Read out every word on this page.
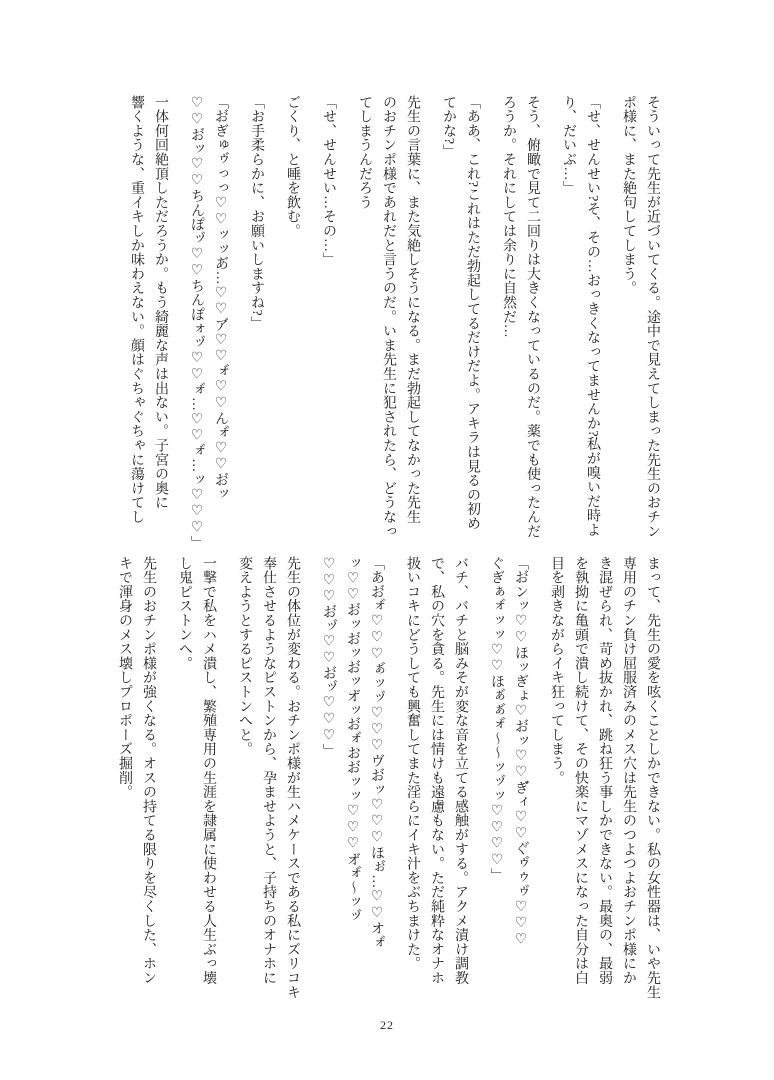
そういって先生が近づいてくる。途中で見えてしまった先生のおチン
ポ様に、また絶句してしまう。
「せ、せんせい?そ、その…おっきくなってませんか?私が嗅いだ時よ
り、だいぶ…」
そう、俯瞰で見て二回りは大きくなっているのだ。薬でも使ったんだ
ろうか。それにしては余りに自然だ…
「ああ、これ?これはただ勃起してるだけだよ。アキラは見るの初め
てかな?」
先生の言葉に、また気絶しそうになる。まだ勃起してなかった先生
のおチンポ様であれだと言うのだ。いま先生に犯されたら、どうなっ
てしまうんだろう
「せ、せんせい…その…」
ごくり、と唾を飲む。
「お手柔らかに、お願いしますね?」
「お゙ぎゅゥ゙っっ♡♡ッッあ゙…♡♡ア゙♡♡ォ゙♡♡んォ゙♡♡お゙ッ
♡♡お゙ッ♡♡ちんぽッ゙♡♡ちんぽォッ゙♡♡ォ゙…♡♡ォ゙…ッ♡♡♡」
一体何回絶頂しただろうか。もう綺麗な声は出ない。子宮の奥に
響くような、重イキしか味わえない。顔はぐちゃぐちゃに蕩けてし
まって、先生の愛を呟くことしかできない。私の女性器は、いや先生
専用のチン負け屈服済みのメス穴は先生のつよつよおチンポ様にか
き混ぜられ、苛め抜かれ、跳ね狂う事しかできない。最奥の、最弱
を執拗に亀頭で潰し続けて、その快楽にマゾメスになった自分は白
目を剥きながらイキ狂ってしまう。
「お゙ンッ♡♡ほッぎょ♡お゙ッ♡♡ぎ゙ィ♡♡ぐ゙ゥ゙ゥゥ゙♡♡♡
ぐぎぁォ゙ッッ♡♡ほぁ゙ぁ゙ォ゙〜〜ッッ゙ッ♡♡♡♡」
バチ、バチと脳みそが変な音を立てる感触がする。アクメ漬け調教
で、私の穴を貪る。先生には情けも遠慮もない。ただ純粋なオナホ
扱いコキにどうしても興奮してまた淫らにイキ汁をぶちまけた。
「あお゙ォ゙♡♡♡ぁ゙ッッ゙♡♡♡ヴお゙ッ♡♡♡ほぉ゙…♡♡オォ゙
ッ♡♡お゙ッお゙ッお゙ッオ゙ッお゙ォ゙おお゙ッッ♡♡♡オ゙ォ゙〜ッッ゙
♡♡♡お゙ッ゙♡♡お゙ッ゙♡♡♡」
先生の体位が変わる。おチンポ様が生ハメケースである私にズリコキ
奉仕させるようなピストンから、孕ませようと、子持ちのオナホに
変えようとするピストンへと。
一撃で私をハメ潰し、繁殖専用の生涯を隷属に使わせる人生ぶっ壊
し鬼ピストンへ。
先生のおチンポ様が強くなる。オスの持てる限りを尽くした、ホン
キで渾身のメス壊しプロポーズ掘削。
22
